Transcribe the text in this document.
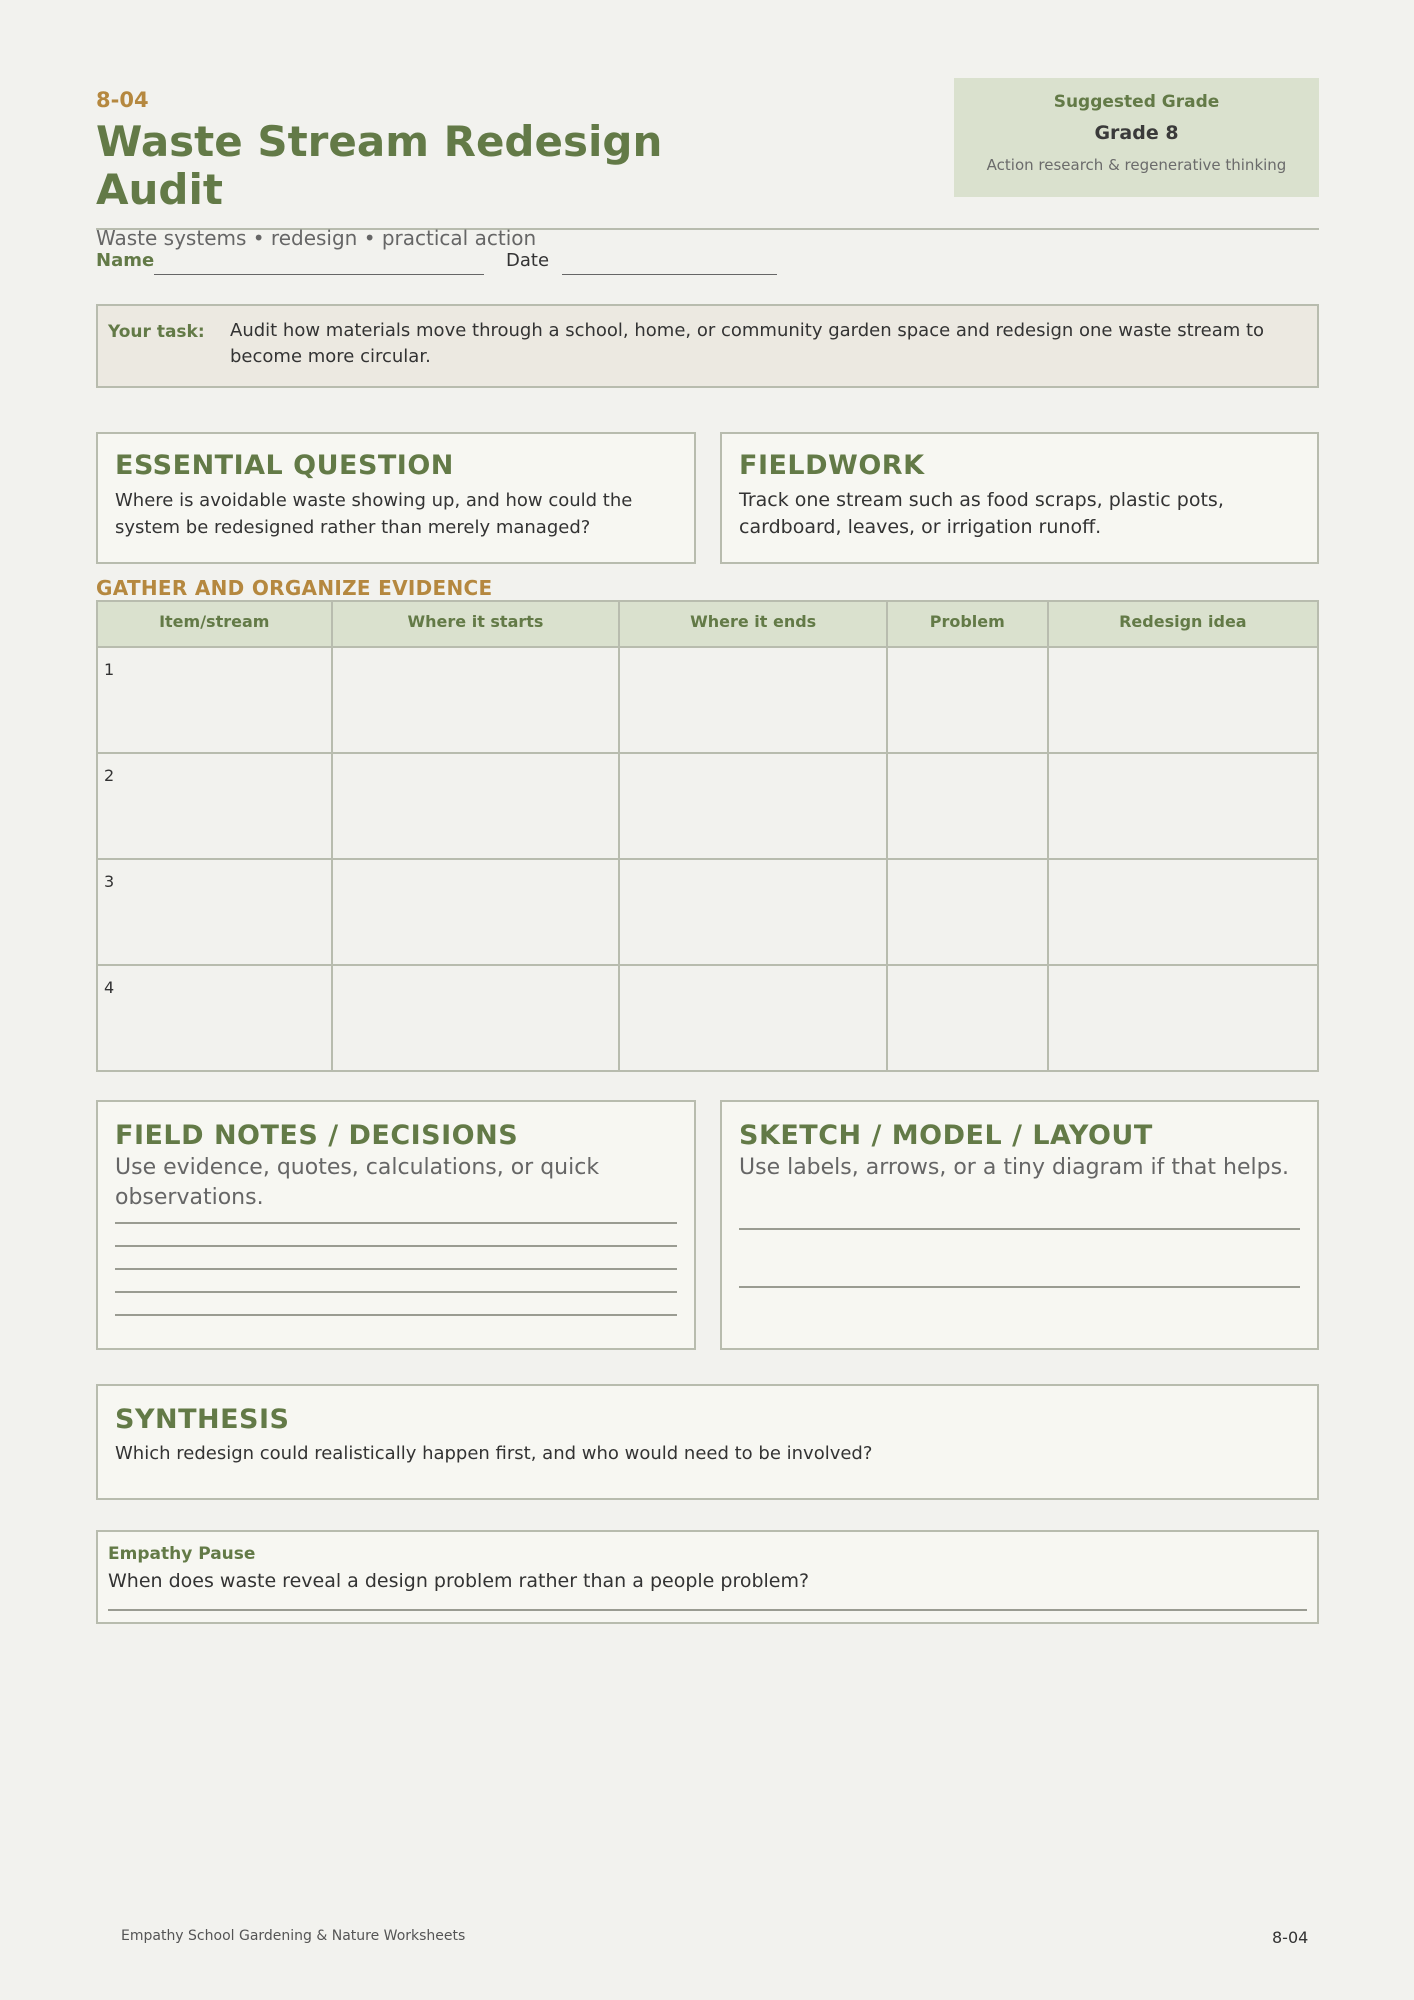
8-04
Waste Stream Redesign Audit
Suggested Grade
Grade 8
Action research & regenerative thinking
Waste systems • redesign • practical action
Name	Date
Your task: Audit how materials move through a school, home, or community garden space and redesign one waste stream to become more circular.
ESSENTIAL QUESTION

Where is avoidable waste showing up, and how could the system be redesigned rather than merely managed?

FIELDWORK

Track one stream such as food scraps, plastic pots, cardboard, leaves, or irrigation runoff.

GATHER AND ORGANIZE EVIDENCE
Item/stream	Where it starts	Where it ends	Problem	Redesign idea
1				
2				
3				
4				
FIELD NOTES / DECISIONS

Use evidence, quotes, calculations, or quick observations.

SKETCH / MODEL / LAYOUT

Use labels, arrows, or a tiny diagram if that helps.

SYNTHESIS

Which redesign could realistically happen first, and who would need to be involved?

Empathy Pause
When does waste reveal a design problem rather than a people problem?
Empathy School Gardening & Nature Worksheets	8-04
